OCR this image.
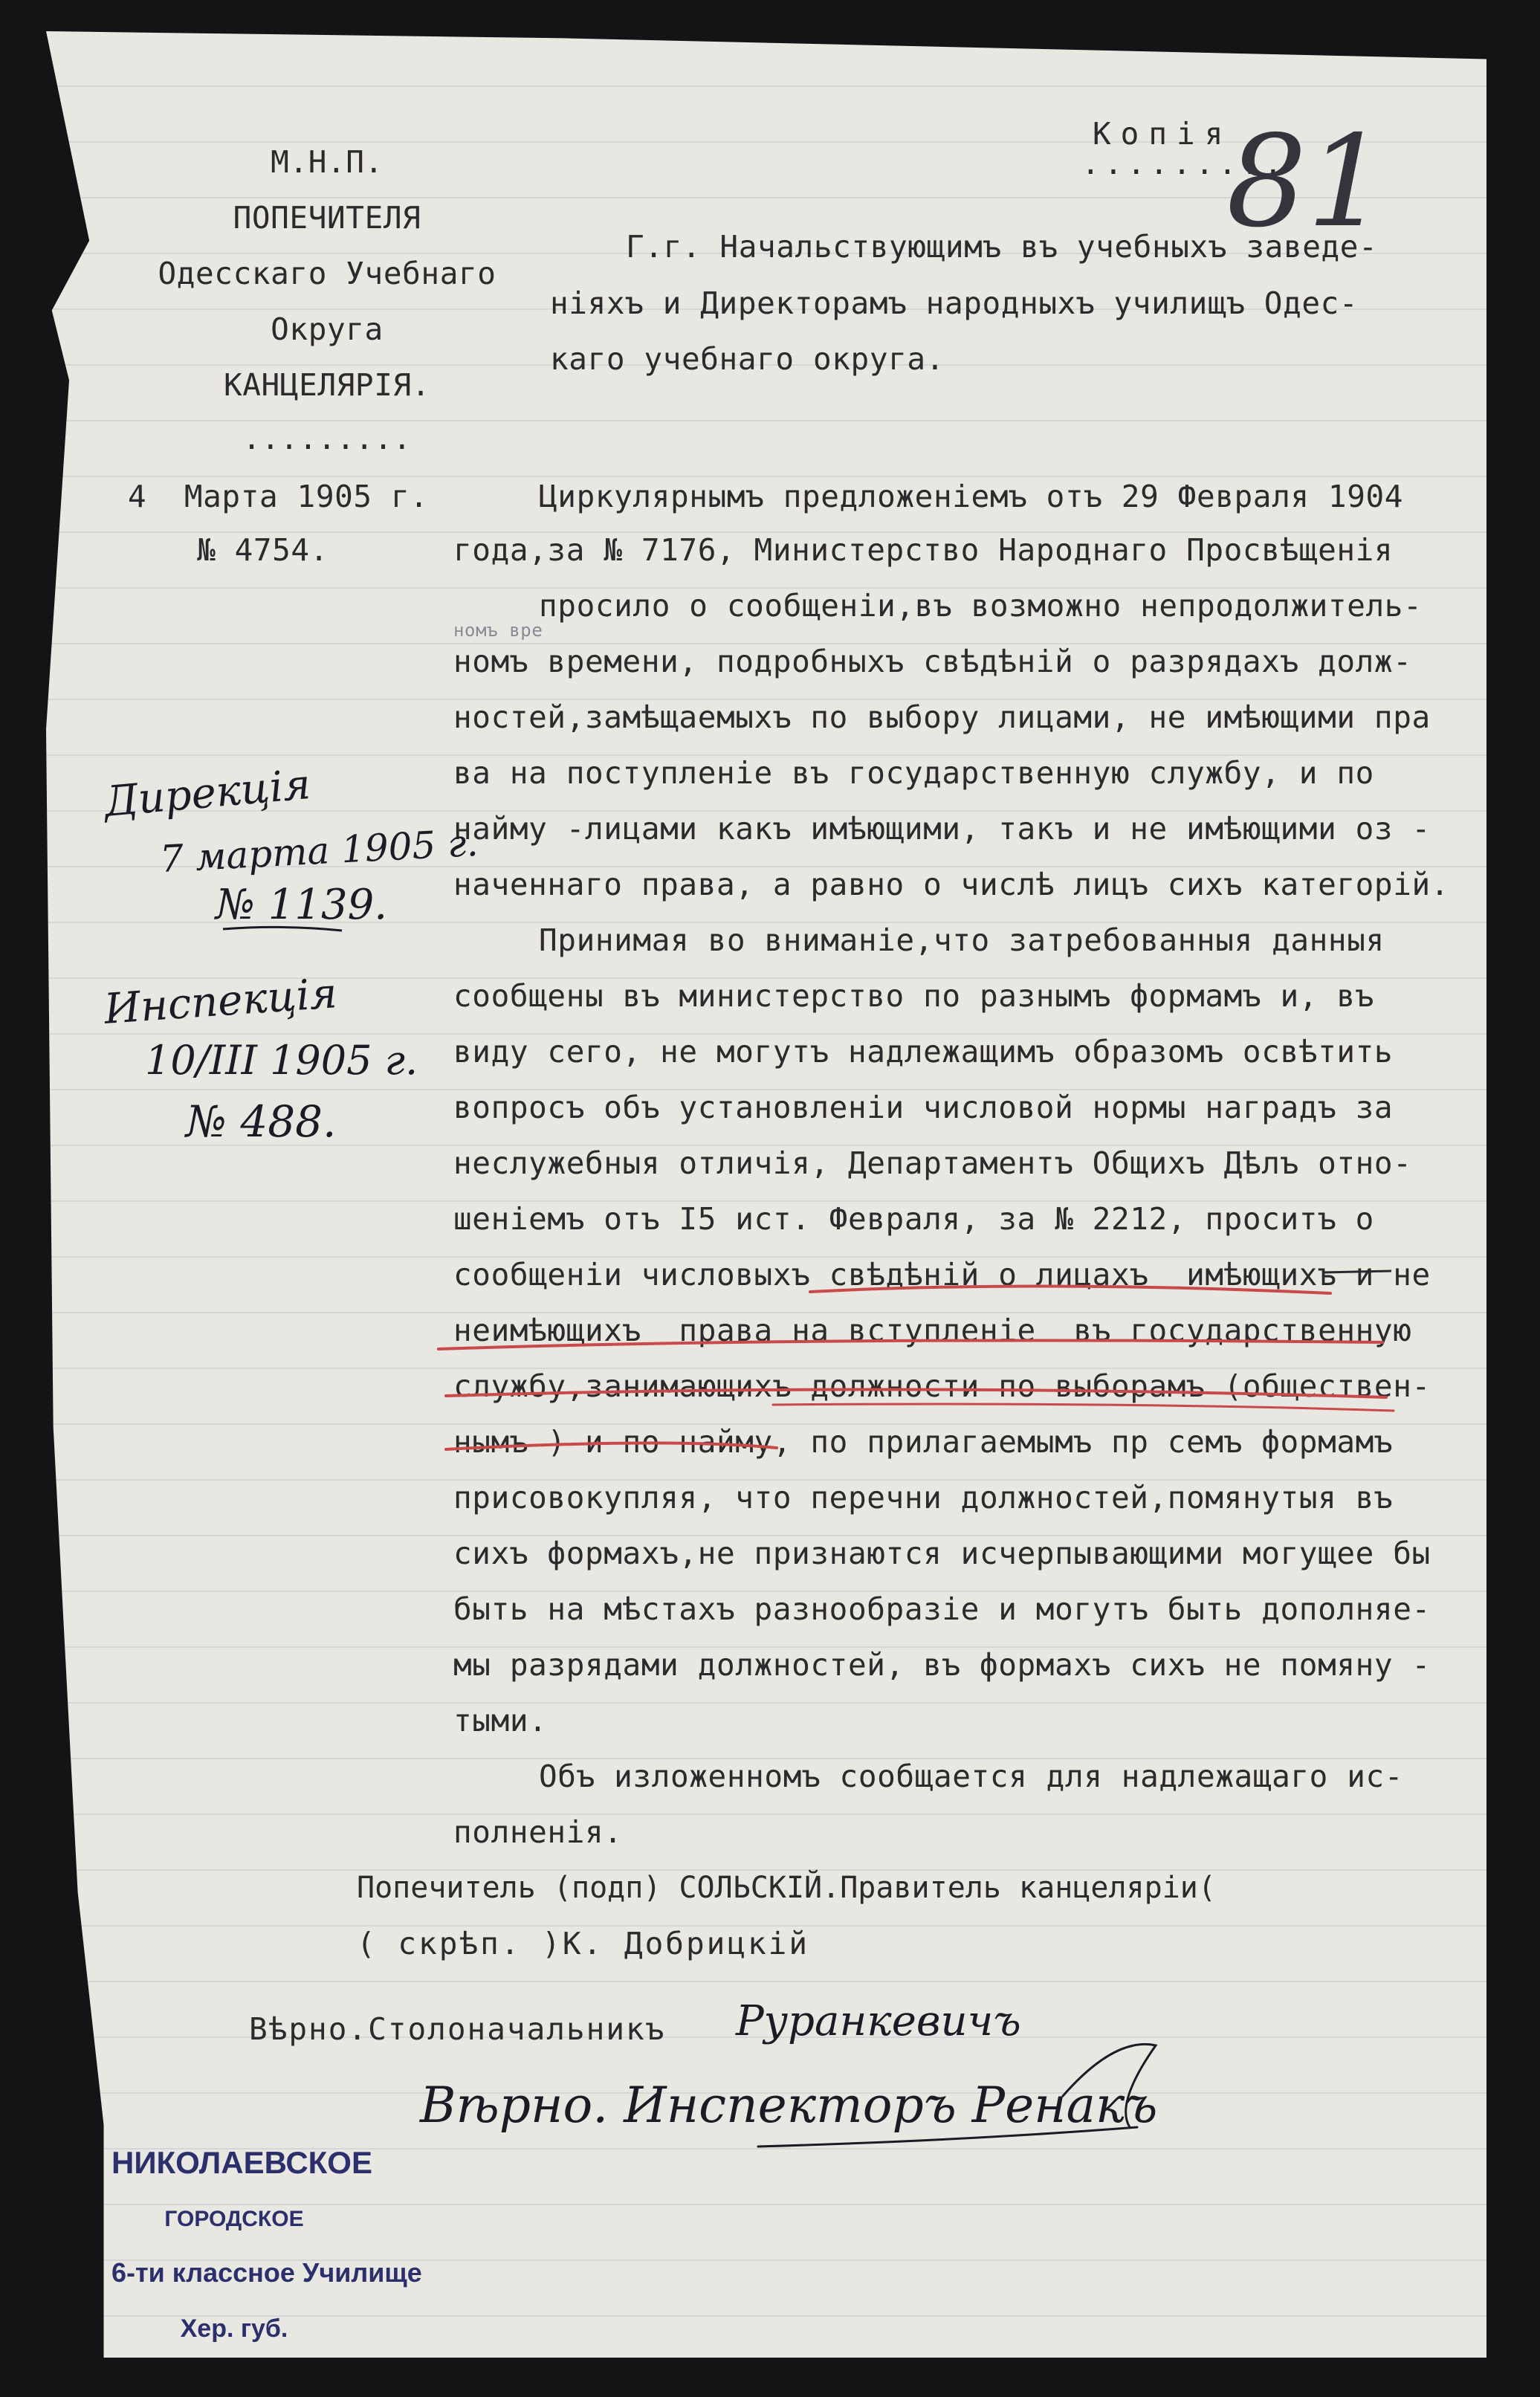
Копія
.........
81
М.Н.П.
ПОПЕЧИТЕЛЯ
Одесскаго Учебнаго
Округа
КАНЦЕЛЯРІЯ.
.........
4  Марта 1905 г.
№ 4754.
Г.г. Начальствующимъ въ учебныхъ заведе-
ніяхъ и Директорамъ народныхъ училищъ Одес-
каго учебнаго округа.
Циркулярнымъ предложеніемъ отъ 29 Февраля 1904
года,за № 7176, Министерство Народнаго Просвѣщенія
просило о сообщеніи,въ возможно непродолжитель-
номъ вре
номъ времени, подробныхъ свѣдѣній о разрядахъ долж-
ностей,замѣщаемыхъ по выбору лицами, не имѣющими пра
ва на поступленіе въ государственную службу, и по
найму -лицами какъ имѣющими, такъ и не имѣющими оз -
наченнаго права, а равно о числѣ лицъ сихъ категорій.
Принимая во вниманіе,что затребованныя данныя
сообщены въ министерство по разнымъ формамъ и, въ
виду сего, не могутъ надлежащимъ образомъ освѣтить
вопросъ объ установленіи числовой нормы наградъ за
неслужебныя отличія, Департаментъ Общихъ Дѣлъ отно-
шеніемъ отъ I5 ист. Февраля, за № 2212, проситъ о
сообщеніи числовыхъ свѣдѣній о лицахъ  имѣющихъ и не
неимѣющихъ  права на вступленіе  въ государственную
службу,занимающихъ должности по выборамъ (обществен-
нымъ ) и по найму, по прилагаемымъ пр семъ формамъ
присовокупляя, что перечни должностей,помянутыя въ
сихъ формахъ,не признаются исчерпывающими могущее бы
быть на мѣстахъ разнообразіе и могутъ быть дополняе-
мы разрядами должностей, въ формахъ сихъ не помяну -
тыми.
Объ изложенномъ сообщается для надлежащаго ис-
полненія.
Попечитель (подп) СОЛЬСКІЙ.Правитель канцеляріи(
( скрѣп. )К. Добрицкій
Вѣрно.Столоначальникъ Руранкевичъ
Вѣрно. Инспекторъ Ренакъ
Дирекція
7 марта 1905 г.
№ 1139.
Инспекція
10/III 1905 г.
№ 488.

НИКОЛАЕВСКОЕ

ГОРОДСКОЕ

6-ти классное Училище

Хер. губ.
